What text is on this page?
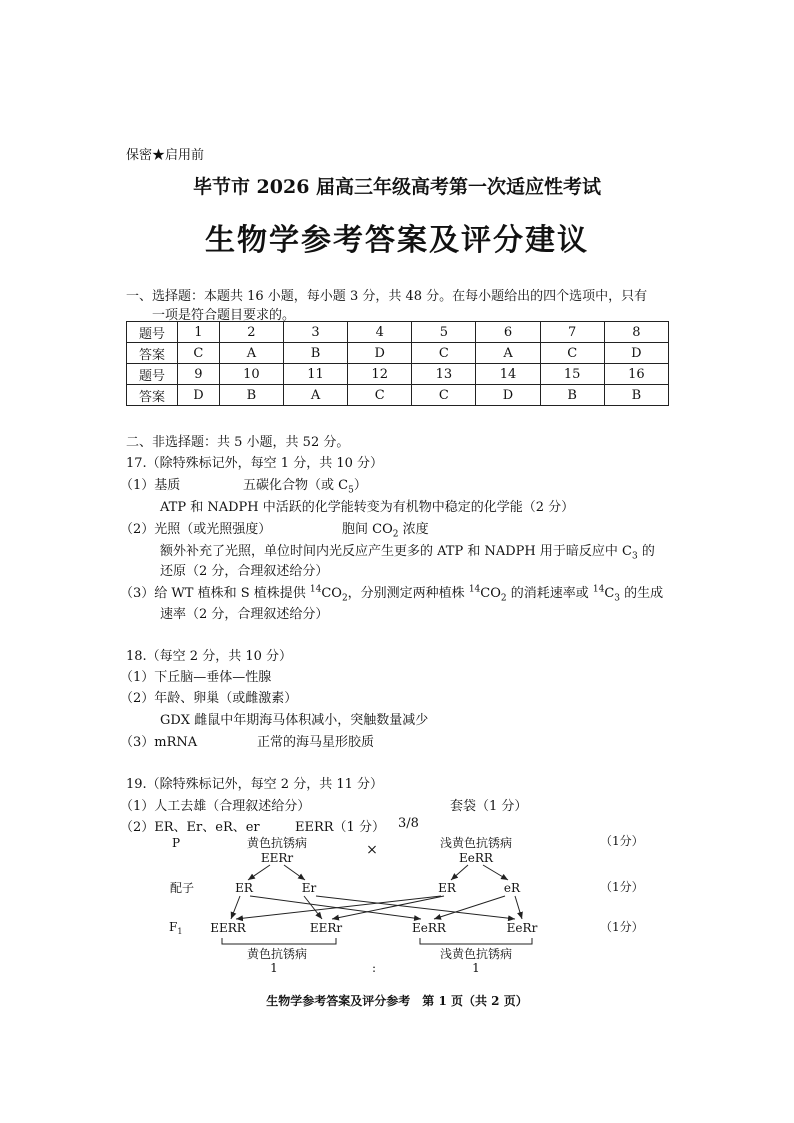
保密★启用前
毕节市 2026 届高三年级高考第一次适应性考试
生物学参考答案及评分建议
一、选择题：本题共 16 小题，每小题 3 分，共 48 分。在每小题给出的四个选项中，只有
一项是符合题目要求的。
题号	1	2	3	4	5	6	7	8
答案	C	A	B	D	C	A	C	D
题号	9	10	11	12	13	14	15	16
答案	D	B	A	C	C	D	B	B
二、非选择题：共 5 小题，共 52 分。
17.（除特殊标记外，每空 1 分，共 10 分）
（1）基质	五碳化合物（或 $C_5$）
ATP 和 NADPH 中活跃的化学能转变为有机物中稳定的化学能（2 分）
（2）光照（或光照强度）	胞间 $CO_2$ 浓度
额外补充了光照，单位时间内光反应产生更多的 ATP 和 NADPH 用于暗反应中 $C_3$ 的
还原（2 分，合理叙述给分）
（3）给 WT 植株和 S 植株提供 $^{14}CO_2$，分别测定两种植株 $^{14}CO_2$ 的消耗速率或 $^{14}C_3$ 的生成
速率（2 分，合理叙述给分）
18.（每空 2 分，共 10 分）
（1）下丘脑—垂体—性腺
（2）年龄、卵巢（或雌激素）
GDX 雌鼠中年期海马体积减小，突触数量减少
（3）mRNA	正常的海马星形胶质
19.（除特殊标记外，每空 2 分，共 11 分）
（1）人工去雄（合理叙述给分）	套袋（1 分）
（2）ER、Er、eR、er	EERR（1 分） 3/8
P	黄色抗锈病
EERr	×	浅黄色抗锈病
EeRR
（1分）
配子	ER	Er	ER	eR	（1分）
$F_1$ EERR	EERr	EeRR	EeRr	（1分）
黄色抗锈病	浅黄色抗锈病
1	:	1
生物学参考答案及评分参考　第 1 页（共 2 页）
